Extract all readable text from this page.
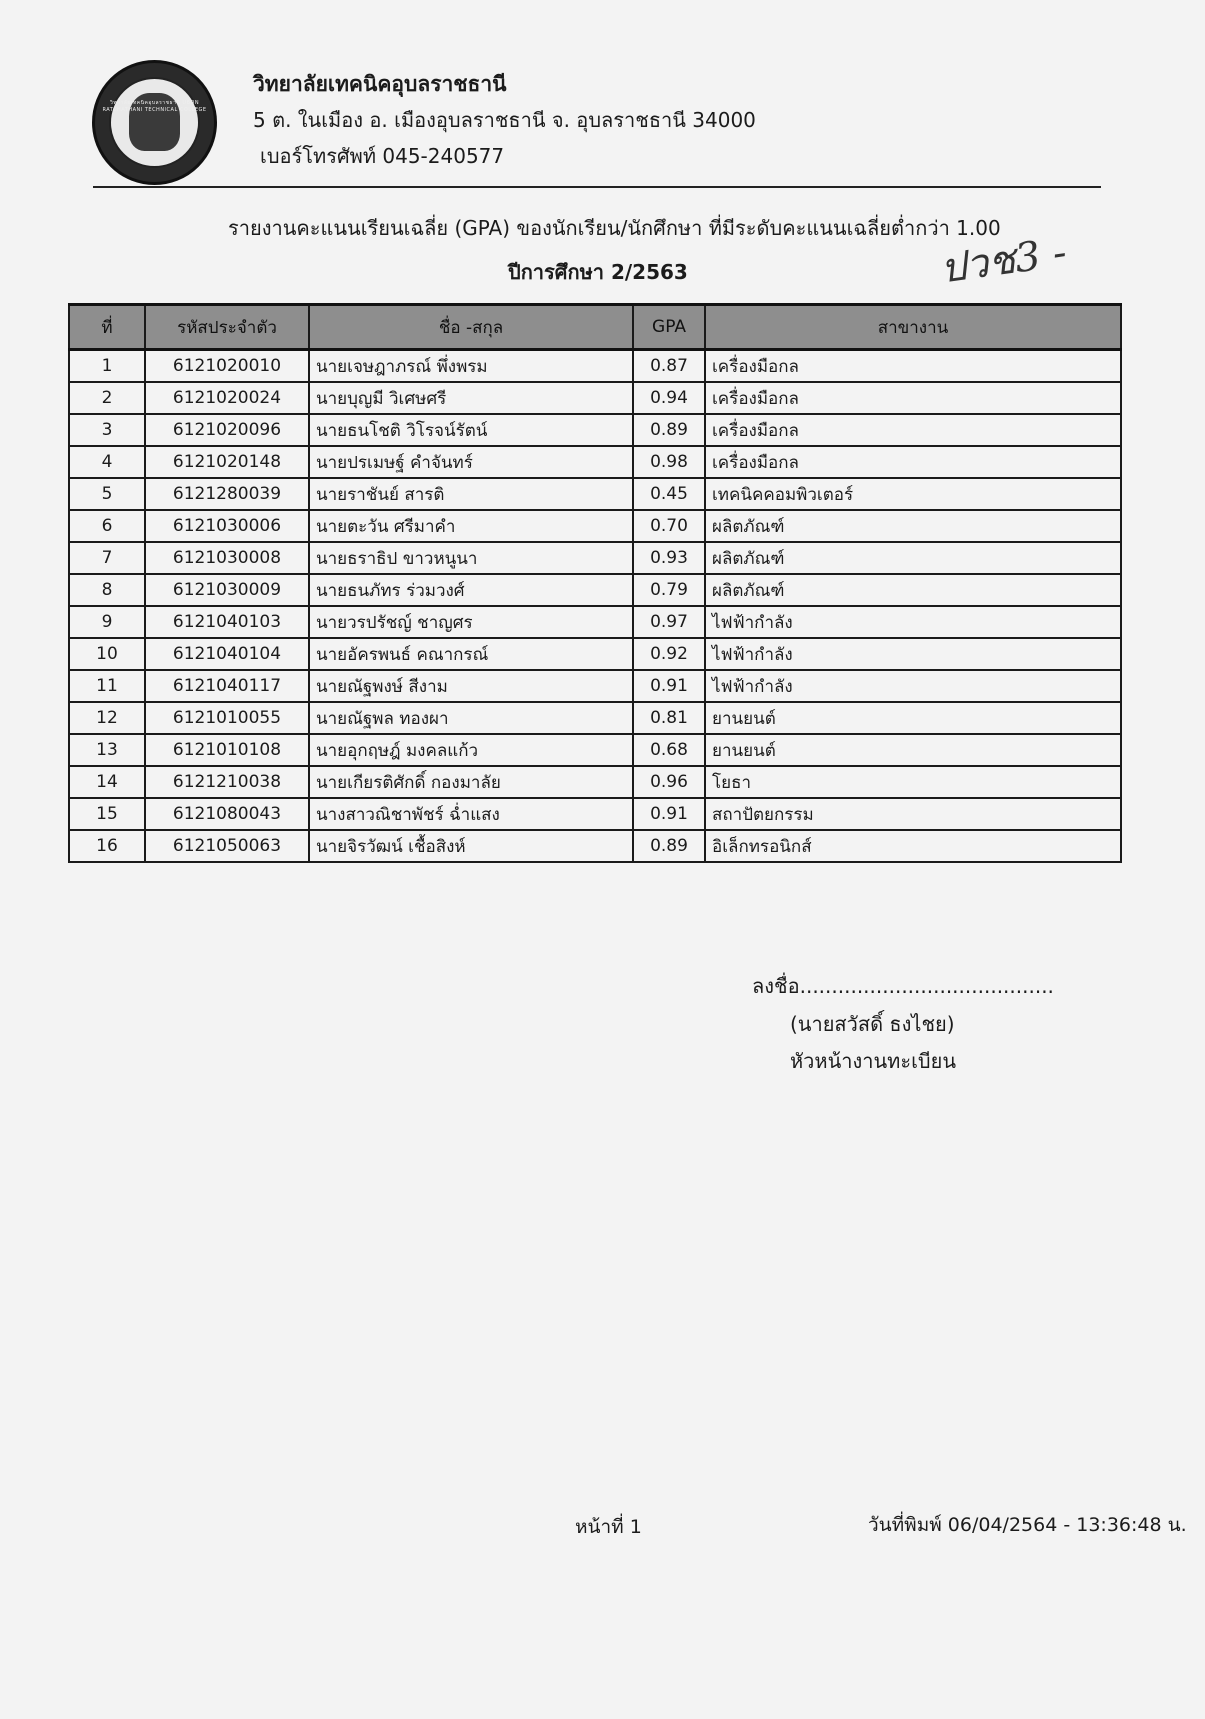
วิทยาลัยเทคนิคอุบลราชธานี UBON RATCHATHANI TECHNICAL COLLEGE
วิทยาลัยเทคนิคอุบลราชธานี
5 ต. ในเมือง อ. เมืองอุบลราชธานี จ. อุบลราชธานี 34000
เบอร์โทรศัพท์ 045-240577
รายงานคะแนนเรียนเฉลี่ย (GPA) ของนักเรียน/นักศึกษา ที่มีระดับคะแนนเฉลี่ยต่ำกว่า 1.00
ปีการศึกษา 2/2563	ปวช3 -
ที่	รหัสประจำตัว	ชื่อ -สกุล	GPA	สาขางาน
1	6121020010	นายเจษฎาภรณ์ พึ่งพรม	0.87	เครื่องมือกล
2	6121020024	นายบุญมี วิเศษศรี	0.94	เครื่องมือกล
3	6121020096	นายธนโชติ วิโรจน์รัตน์	0.89	เครื่องมือกล
4	6121020148	นายปรเมษฐ์ คำจันทร์	0.98	เครื่องมือกล
5	6121280039	นายราชันย์ สารติ	0.45	เทคนิคคอมพิวเตอร์
6	6121030006	นายตะวัน ศรีมาคำ	0.70	ผลิตภัณฑ์
7	6121030008	นายธราธิป ขาวหนูนา	0.93	ผลิตภัณฑ์
8	6121030009	นายธนภัทร ร่วมวงศ์	0.79	ผลิตภัณฑ์
9	6121040103	นายวรปรัชญ์ ชาญศร	0.97	ไฟฟ้ากำลัง
10	6121040104	นายอัครพนธ์ คณากรณ์	0.92	ไฟฟ้ากำลัง
11	6121040117	นายณัฐพงษ์ สีงาม	0.91	ไฟฟ้ากำลัง
12	6121010055	นายณัฐพล ทองผา	0.81	ยานยนต์
13	6121010108	นายอุกฤษฎ์ มงคลแก้ว	0.68	ยานยนต์
14	6121210038	นายเกียรติศักดิ์ กองมาลัย	0.96	โยธา
15	6121080043	นางสาวณิชาพัชร์ ฉ่ำแสง	0.91	สถาปัตยกรรม
16	6121050063	นายจิรวัฒน์ เชื้อสิงห์	0.89	อิเล็กทรอนิกส์
ลงชื่อ........................................
(นายสวัสดิ์ ธงไชย)
หัวหน้างานทะเบียน
หน้าที่ 1	วันที่พิมพ์ 06/04/2564 - 13:36:48 น.
